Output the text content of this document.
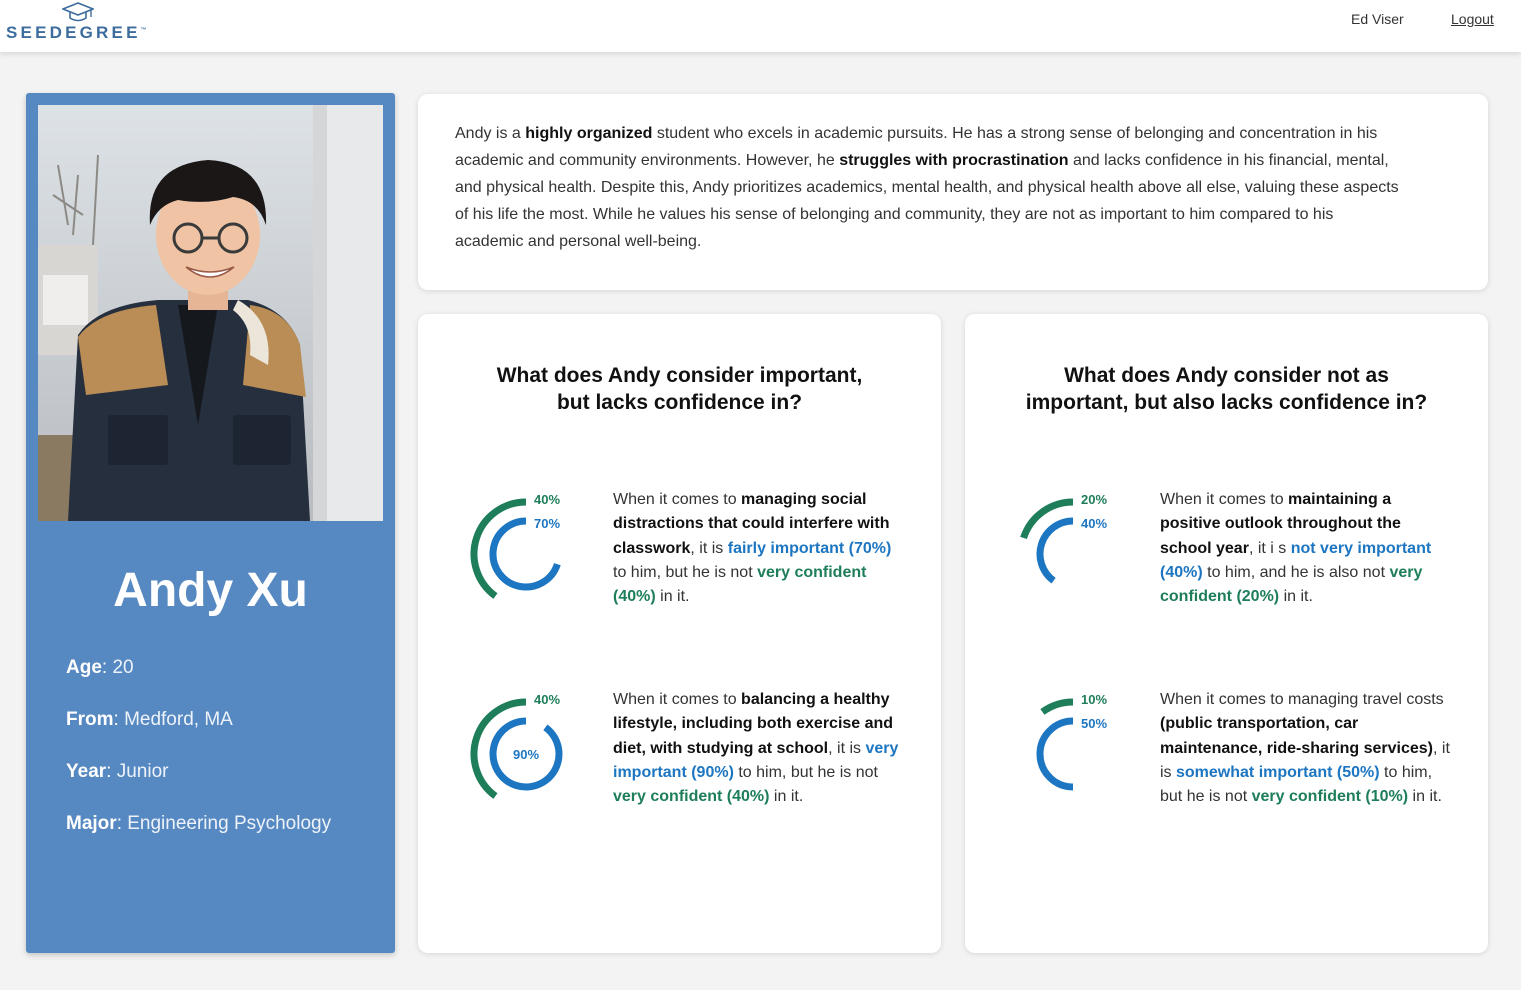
SEEDEGREE™
Ed Viser	Logout
Andy Xu
Age: 20
From: Medford, MA
Year: Junior
Major: Engineering Psychology

Andy is a highly organized student who excels in academic pursuits. He has a strong sense of belonging and concentration in his academic and community environments. However, he struggles with procrastination and lacks confidence in his financial, mental, and physical health. Despite this, Andy prioritizes academics, mental health, and physical health above all else, valuing these aspects of his life the most. While he values his sense of belonging and community, they are not as important to him compared to his academic and personal well-being.

What does Andy consider important,
but lacks confidence in?
40%
70%

When it comes to managing social distractions that could interfere with classwork, it is fairly important (70%) to him, but he is not very confident (40%) in it.

40%
90%

When it comes to balancing a healthy lifestyle, including both exercise and diet, with studying at school, it is very important (90%) to him, but he is not very confident (40%) in it.

What does Andy consider not as
important, but also lacks confidence in?
20%
40%

When it comes to maintaining a positive outlook throughout the school year, it i s not very important (40%) to him, and he is also not very confident (20%) in it.

10%
50%

When it comes to managing travel costs (public transportation, car maintenance, ride-sharing services), it is somewhat important (50%) to him, but he is not very confident (10%) in it.
